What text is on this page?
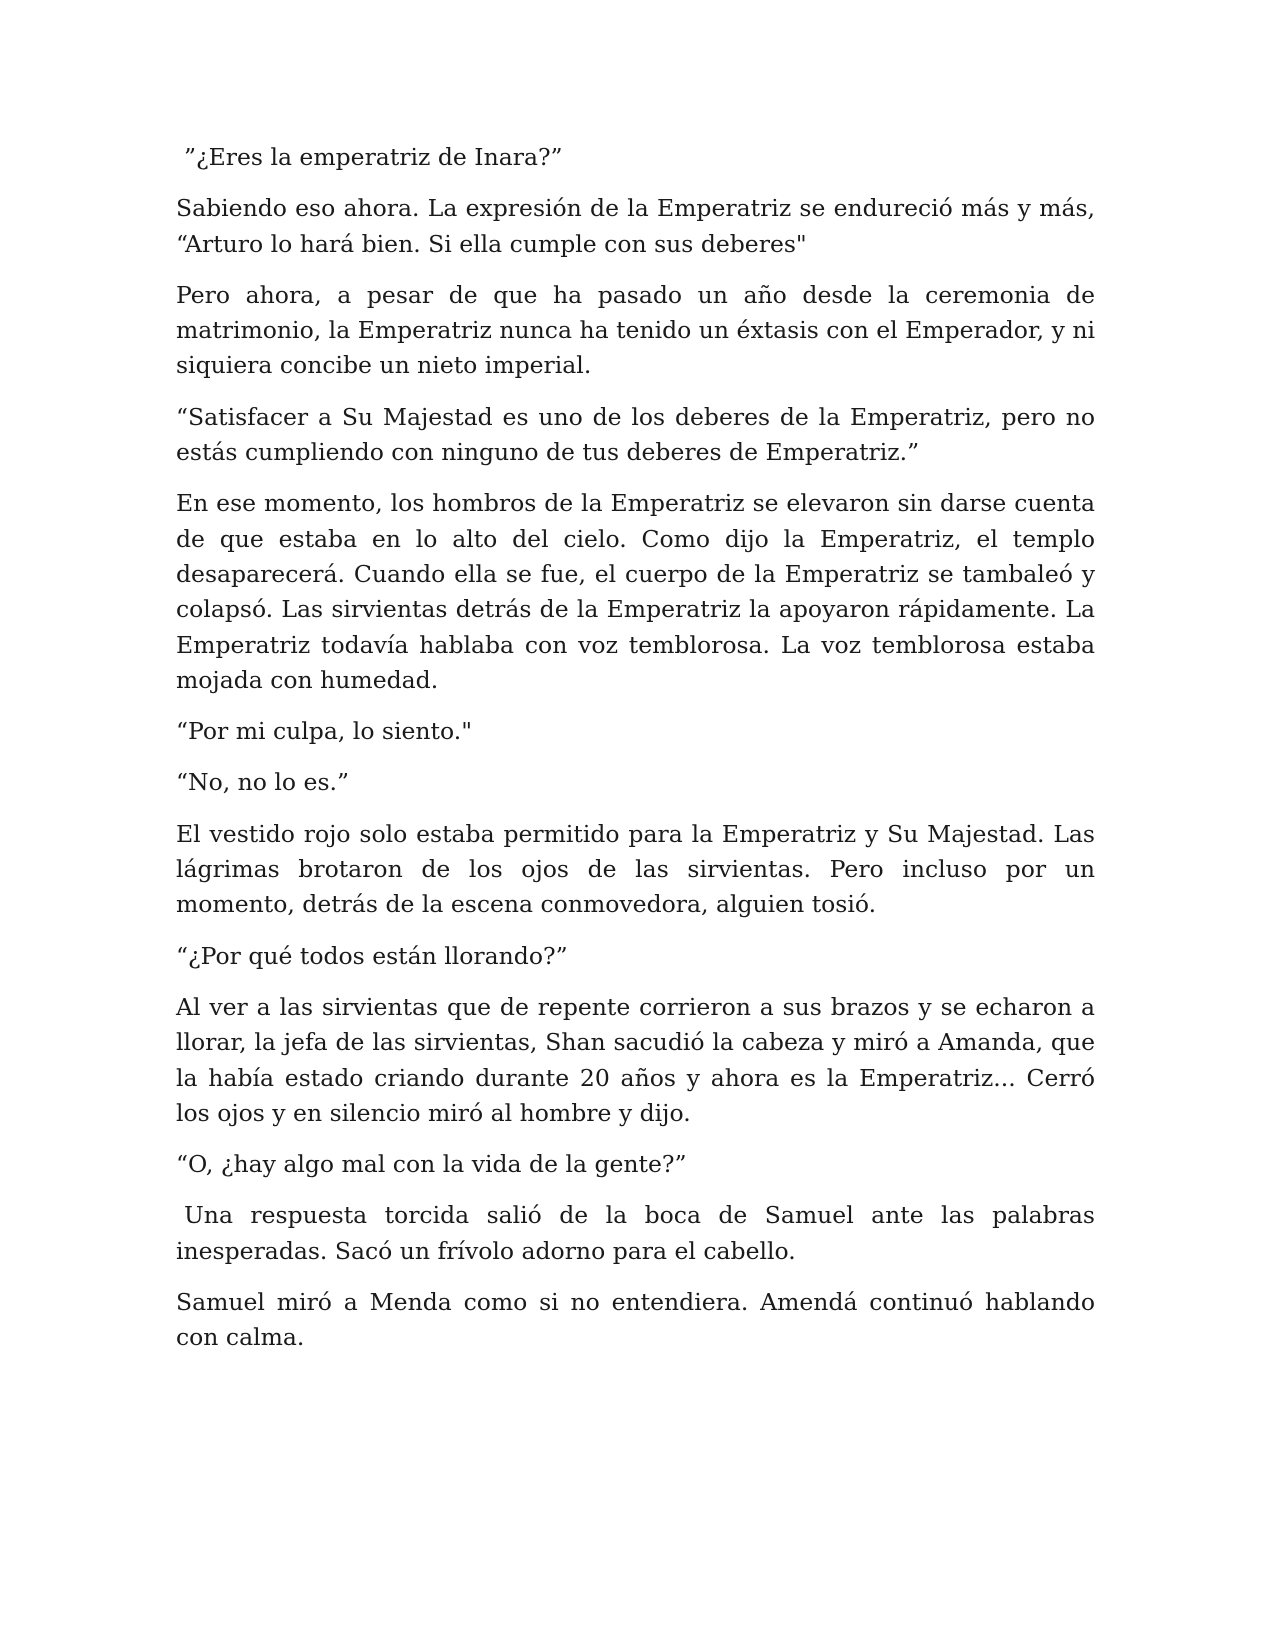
”¿Eres la emperatriz de Inara?”

Sabiendo eso ahora. La expresión de la Emperatriz se endureció más y más, “Arturo lo hará bien. Si ella cumple con sus deberes"

Pero ahora, a pesar de que ha pasado un año desde la ceremonia de matrimonio, la Emperatriz nunca ha tenido un éxtasis con el Emperador, y ni siquiera concibe un nieto imperial.

“Satisfacer a Su Majestad es uno de los deberes de la Emperatriz, pero no estás cumpliendo con ninguno de tus deberes de Emperatriz.”

En ese momento, los hombros de la Emperatriz se elevaron sin darse cuenta de que estaba en lo alto del cielo. Como dijo la Emperatriz, el templo desaparecerá. Cuando ella se fue, el cuerpo de la Emperatriz se tambaleó y colapsó. Las sirvientas detrás de la Emperatriz la apoyaron rápidamente. La Emperatriz todavía hablaba con voz temblorosa. La voz temblorosa estaba mojada con humedad.

“Por mi culpa, lo siento."

“No, no lo es.”

El vestido rojo solo estaba permitido para la Emperatriz y Su Majestad. Las lágrimas brotaron de los ojos de las sirvientas. Pero incluso por un momento, detrás de la escena conmovedora, alguien tosió.

“¿Por qué todos están llorando?”

Al ver a las sirvientas que de repente corrieron a sus brazos y se echaron a llorar, la jefa de las sirvientas, Shan sacudió la cabeza y miró a Amanda, que la había estado criando durante 20 años y ahora es la Emperatriz... Cerró los ojos y en silencio miró al hombre y dijo.

“O, ¿hay algo mal con la vida de la gente?”

Una respuesta torcida salió de la boca de Samuel ante las palabras inesperadas. Sacó un frívolo adorno para el cabello.

Samuel miró a Menda como si no entendiera. Amendá continuó hablando con calma.
